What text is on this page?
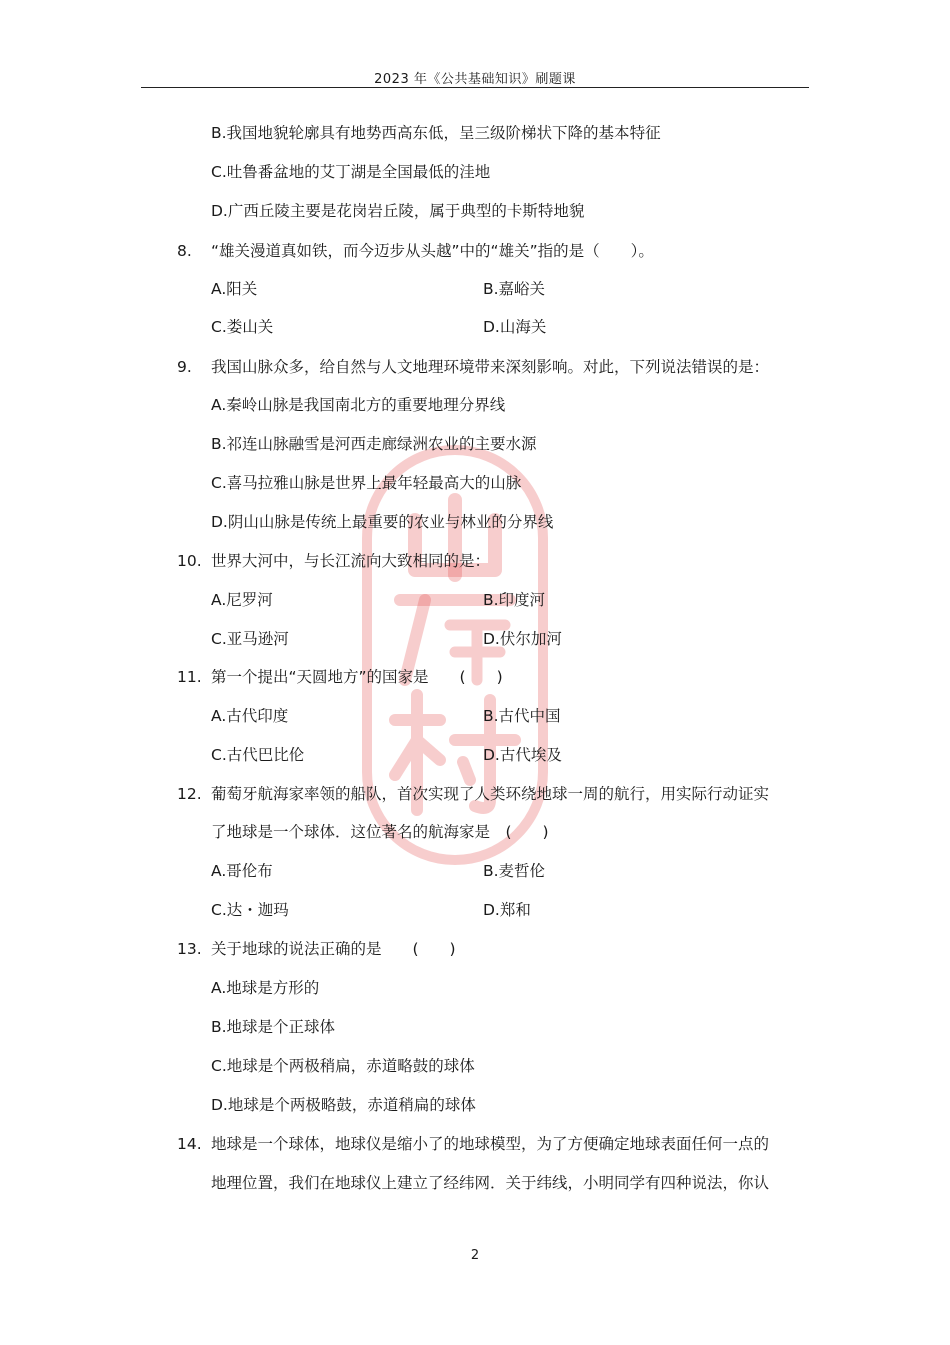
2023 年《公共基础知识》刷题课
B.我国地貌轮廓具有地势西高东低，呈三级阶梯状下降的基本特征
C.吐鲁番盆地的艾丁湖是全国最低的洼地
D.广西丘陵主要是花岗岩丘陵，属于典型的卡斯特地貌
8. “雄关漫道真如铁，而今迈步从头越”中的“雄关”指的是（　　）。
A.阳关	B.嘉峪关
C.娄山关	D.山海关
9. 我国山脉众多，给自然与人文地理环境带来深刻影响。对此，下列说法错误的是：
A.秦岭山脉是我国南北方的重要地理分界线
B.祁连山脉融雪是河西走廊绿洲农业的主要水源
C.喜马拉雅山脉是世界上最年轻最高大的山脉
D.阴山山脉是传统上最重要的农业与林业的分界线
10. 世界大河中，与长江流向大致相同的是：
A.尼罗河	B.印度河
C.亚马逊河	D.伏尔加河
11. 第一个提出“天圆地方”的国家是　　(　　)
A.古代印度	B.古代中国
C.古代巴比伦	D.古代埃及
12. 葡萄牙航海家率领的船队，首次实现了人类环绕地球一周的航行，用实际行动证实
了地球是一个球体．这位著名的航海家是　(　　)
A.哥伦布	B.麦哲伦
C.达・迦玛	D.郑和
13. 关于地球的说法正确的是　　(　　)
A.地球是方形的
B.地球是个正球体
C.地球是个两极稍扁，赤道略鼓的球体
D.地球是个两极略鼓，赤道稍扁的球体
14. 地球是一个球体，地球仪是缩小了的地球模型，为了方便确定地球表面任何一点的
地理位置，我们在地球仪上建立了经纬网．关于纬线，小明同学有四种说法，你认
2
